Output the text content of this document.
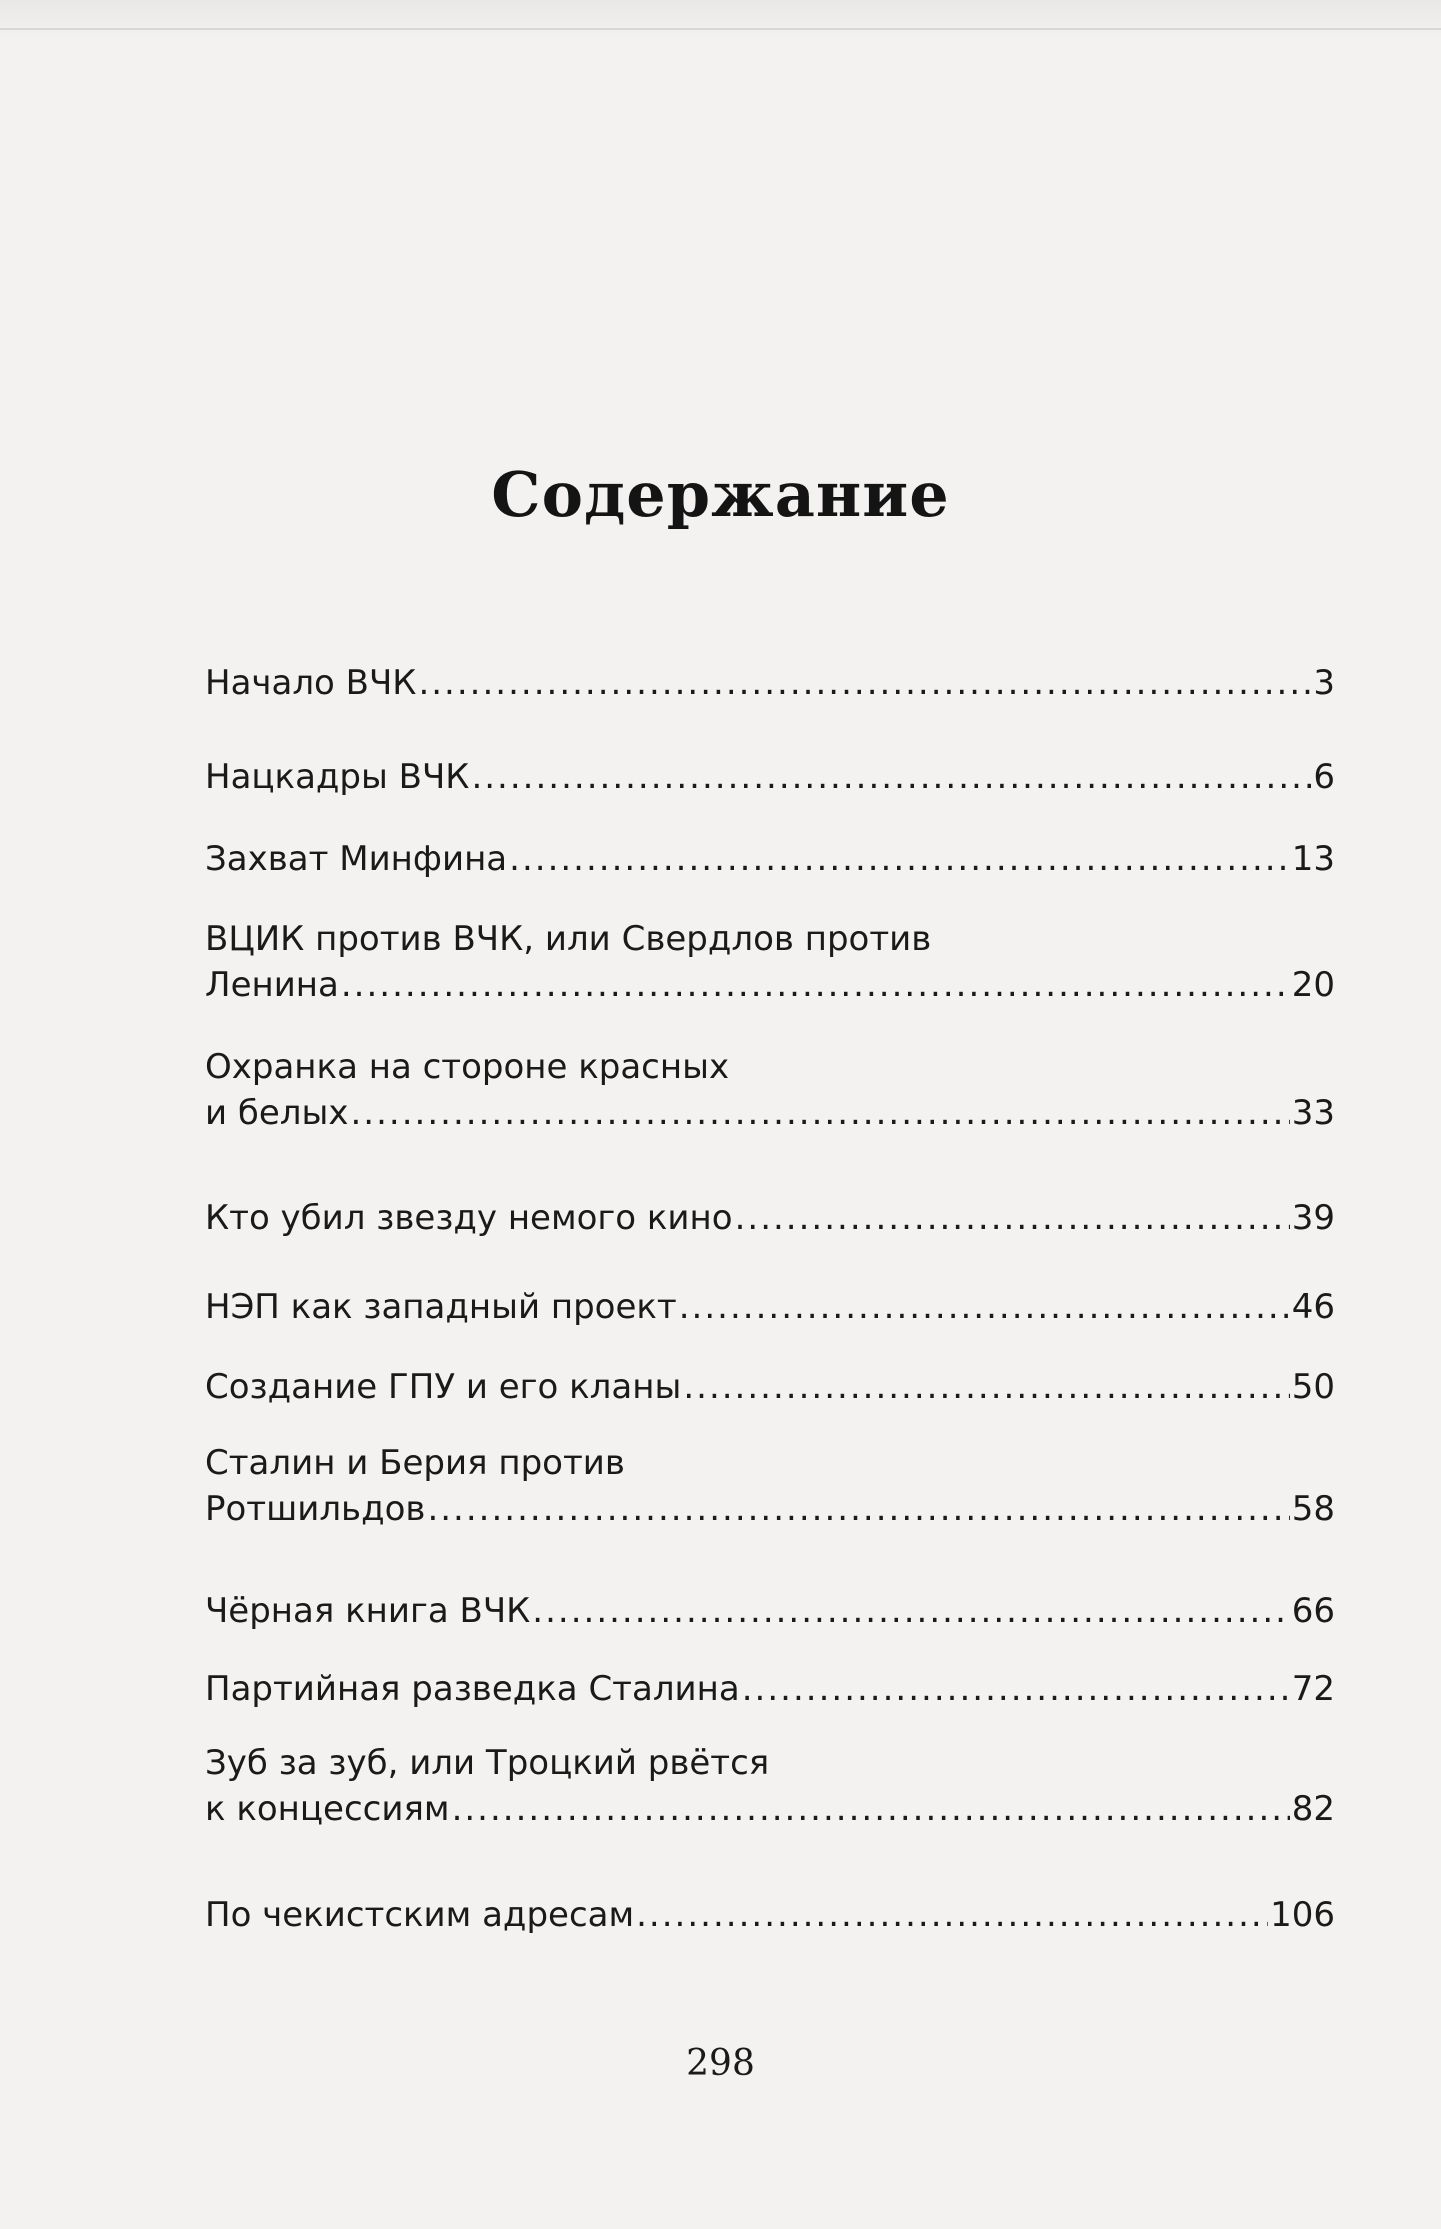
Содержание
Начало ВЧК .....	3
Нацкадры ВЧК .....	6
Захват Минфина .....	13
ВЦИК против ВЧК, или Свердлов против
Ленина .....	20
Охранка на стороне красных
и белых .....	33
Кто убил звезду немого кино .....	39
НЭП как западный проект .....	46
Создание ГПУ и его кланы .....	50
Сталин и Берия против
Ротшильдов .....	58
Чёрная книга ВЧК .....	66
Партийная разведка Сталина .....	72
Зуб за зуб, или Троцкий рвётся
к концессиям .....	82
По чекистским адресам .....	106
298
